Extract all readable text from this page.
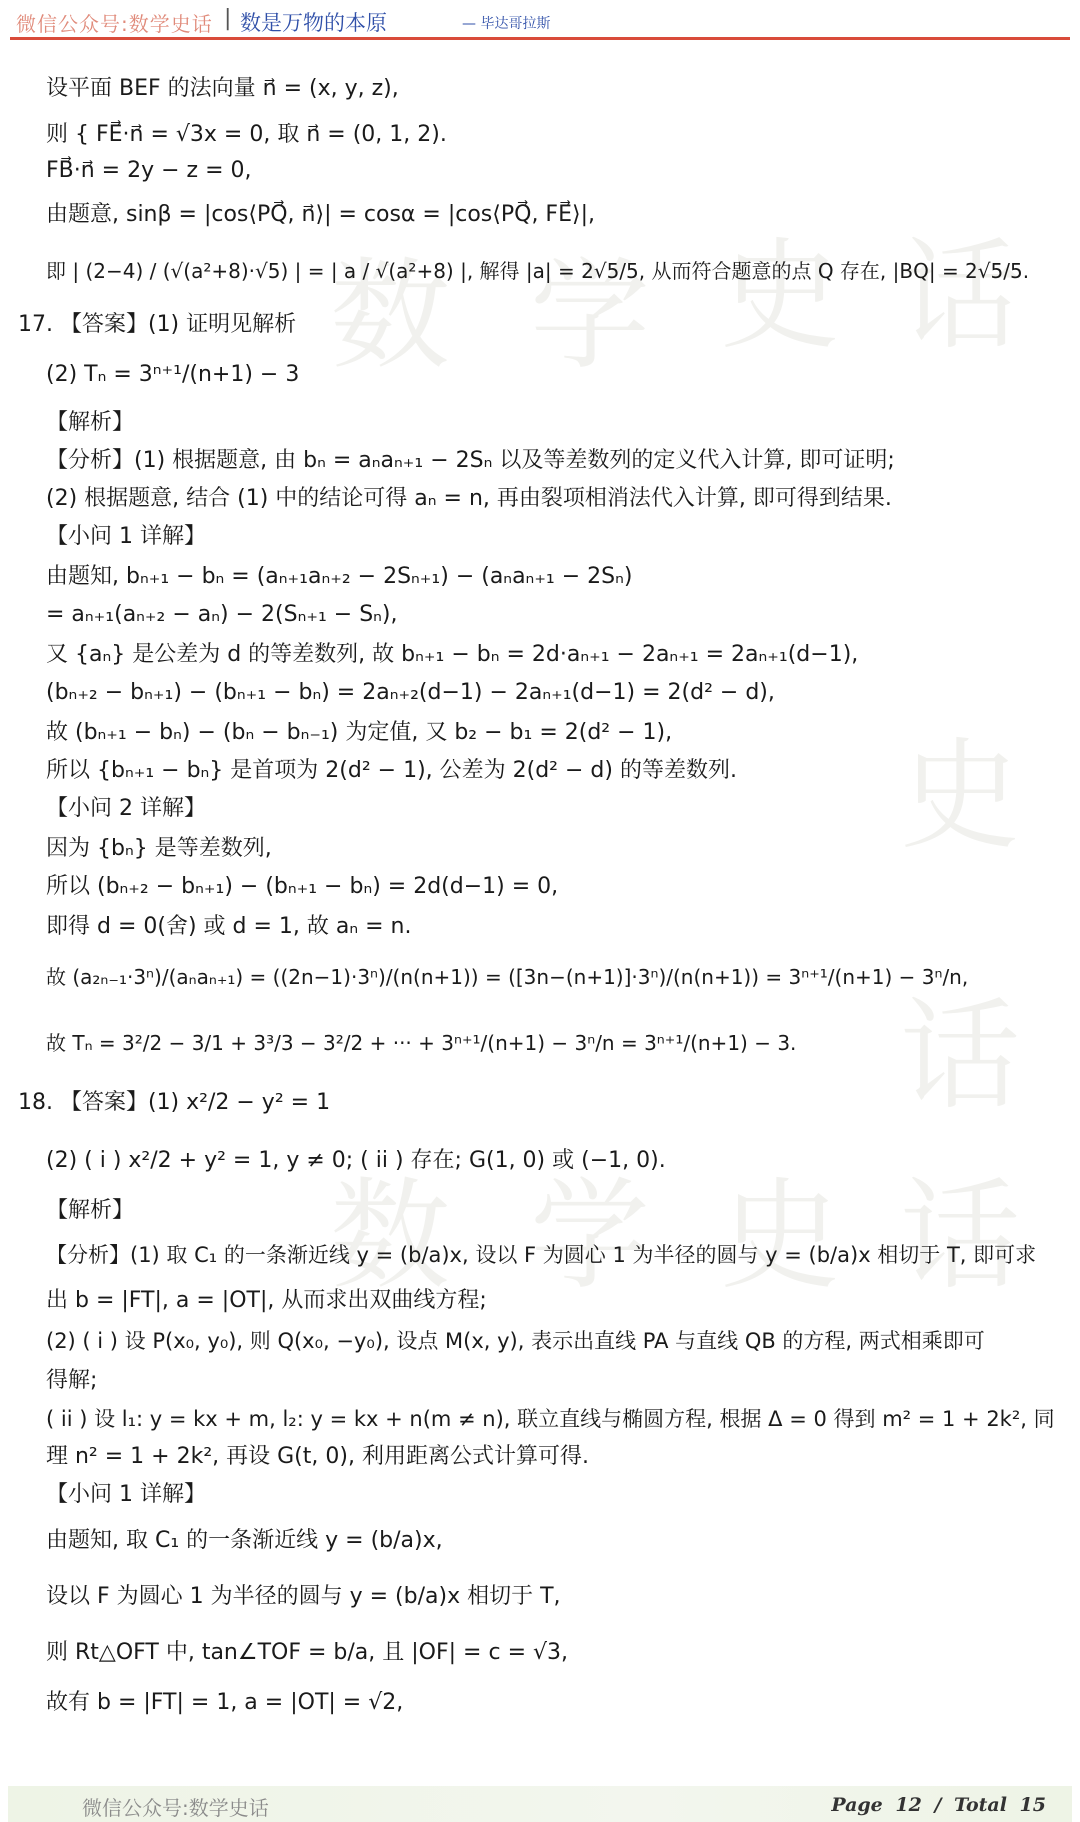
微信公众号:数学史话 | 数是万物的本原	— 毕达哥拉斯
数 学 史 话
数 学 史 话
史
话
设平面 BEF 的法向量 n⃗ = (x, y, z),
则 { FE⃗·n⃗ = √3x = 0, 取 n⃗ = (0, 1, 2).
FB⃗·n⃗ = 2y − z = 0,
由题意, sinβ = |cos⟨PQ⃗, n⃗⟩| = cosα = |cos⟨PQ⃗, FE⃗⟩|,
即 | (2−4) / (√(a²+8)·√5) | = | a / √(a²+8) |, 解得 |a| = 2√5/5, 从而符合题意的点 Q 存在, |BQ| = 2√5/5.
17. 【答案】(1) 证明见解析
(2) Tₙ = 3ⁿ⁺¹/(n+1) − 3
【解析】
【分析】(1) 根据题意, 由 bₙ = aₙaₙ₊₁ − 2Sₙ 以及等差数列的定义代入计算, 即可证明;
(2) 根据题意, 结合 (1) 中的结论可得 aₙ = n, 再由裂项相消法代入计算, 即可得到结果.
【小问 1 详解】
由题知, bₙ₊₁ − bₙ = (aₙ₊₁aₙ₊₂ − 2Sₙ₊₁) − (aₙaₙ₊₁ − 2Sₙ)
= aₙ₊₁(aₙ₊₂ − aₙ) − 2(Sₙ₊₁ − Sₙ),
又 {aₙ} 是公差为 d 的等差数列, 故 bₙ₊₁ − bₙ = 2d·aₙ₊₁ − 2aₙ₊₁ = 2aₙ₊₁(d−1),
(bₙ₊₂ − bₙ₊₁) − (bₙ₊₁ − bₙ) = 2aₙ₊₂(d−1) − 2aₙ₊₁(d−1) = 2(d² − d),
故 (bₙ₊₁ − bₙ) − (bₙ − bₙ₋₁) 为定值, 又 b₂ − b₁ = 2(d² − 1),
所以 {bₙ₊₁ − bₙ} 是首项为 2(d² − 1), 公差为 2(d² − d) 的等差数列.
【小问 2 详解】
因为 {bₙ} 是等差数列,
所以 (bₙ₊₂ − bₙ₊₁) − (bₙ₊₁ − bₙ) = 2d(d−1) = 0,
即得 d = 0(舍) 或 d = 1, 故 aₙ = n.
故 (a₂ₙ₋₁·3ⁿ)/(aₙaₙ₊₁) = ((2n−1)·3ⁿ)/(n(n+1)) = ([3n−(n+1)]·3ⁿ)/(n(n+1)) = 3ⁿ⁺¹/(n+1) − 3ⁿ/n,
故 Tₙ = 3²/2 − 3/1 + 3³/3 − 3²/2 + ··· + 3ⁿ⁺¹/(n+1) − 3ⁿ/n = 3ⁿ⁺¹/(n+1) − 3.
18. 【答案】(1) x²/2 − y² = 1
(2) ( i ) x²/2 + y² = 1, y ≠ 0; ( ii ) 存在; G(1, 0) 或 (−1, 0).
【解析】
【分析】(1) 取 C₁ 的一条渐近线 y = (b/a)x, 设以 F 为圆心 1 为半径的圆与 y = (b/a)x 相切于 T, 即可求
出 b = |FT|, a = |OT|, 从而求出双曲线方程;
(2) ( i ) 设 P(x₀, y₀), 则 Q(x₀, −y₀), 设点 M(x, y), 表示出直线 PA 与直线 QB 的方程, 两式相乘即可
得解;
( ii ) 设 l₁: y = kx + m, l₂: y = kx + n(m ≠ n), 联立直线与椭圆方程, 根据 Δ = 0 得到 m² = 1 + 2k², 同
理 n² = 1 + 2k², 再设 G(t, 0), 利用距离公式计算可得.
【小问 1 详解】
由题知, 取 C₁ 的一条渐近线 y = (b/a)x,
设以 F 为圆心 1 为半径的圆与 y = (b/a)x 相切于 T,
则 Rt△OFT 中, tan∠TOF = b/a, 且 |OF| = c = √3,
故有 b = |FT| = 1, a = |OT| = √2,
微信公众号:数学史话	Page 12 / Total 15
